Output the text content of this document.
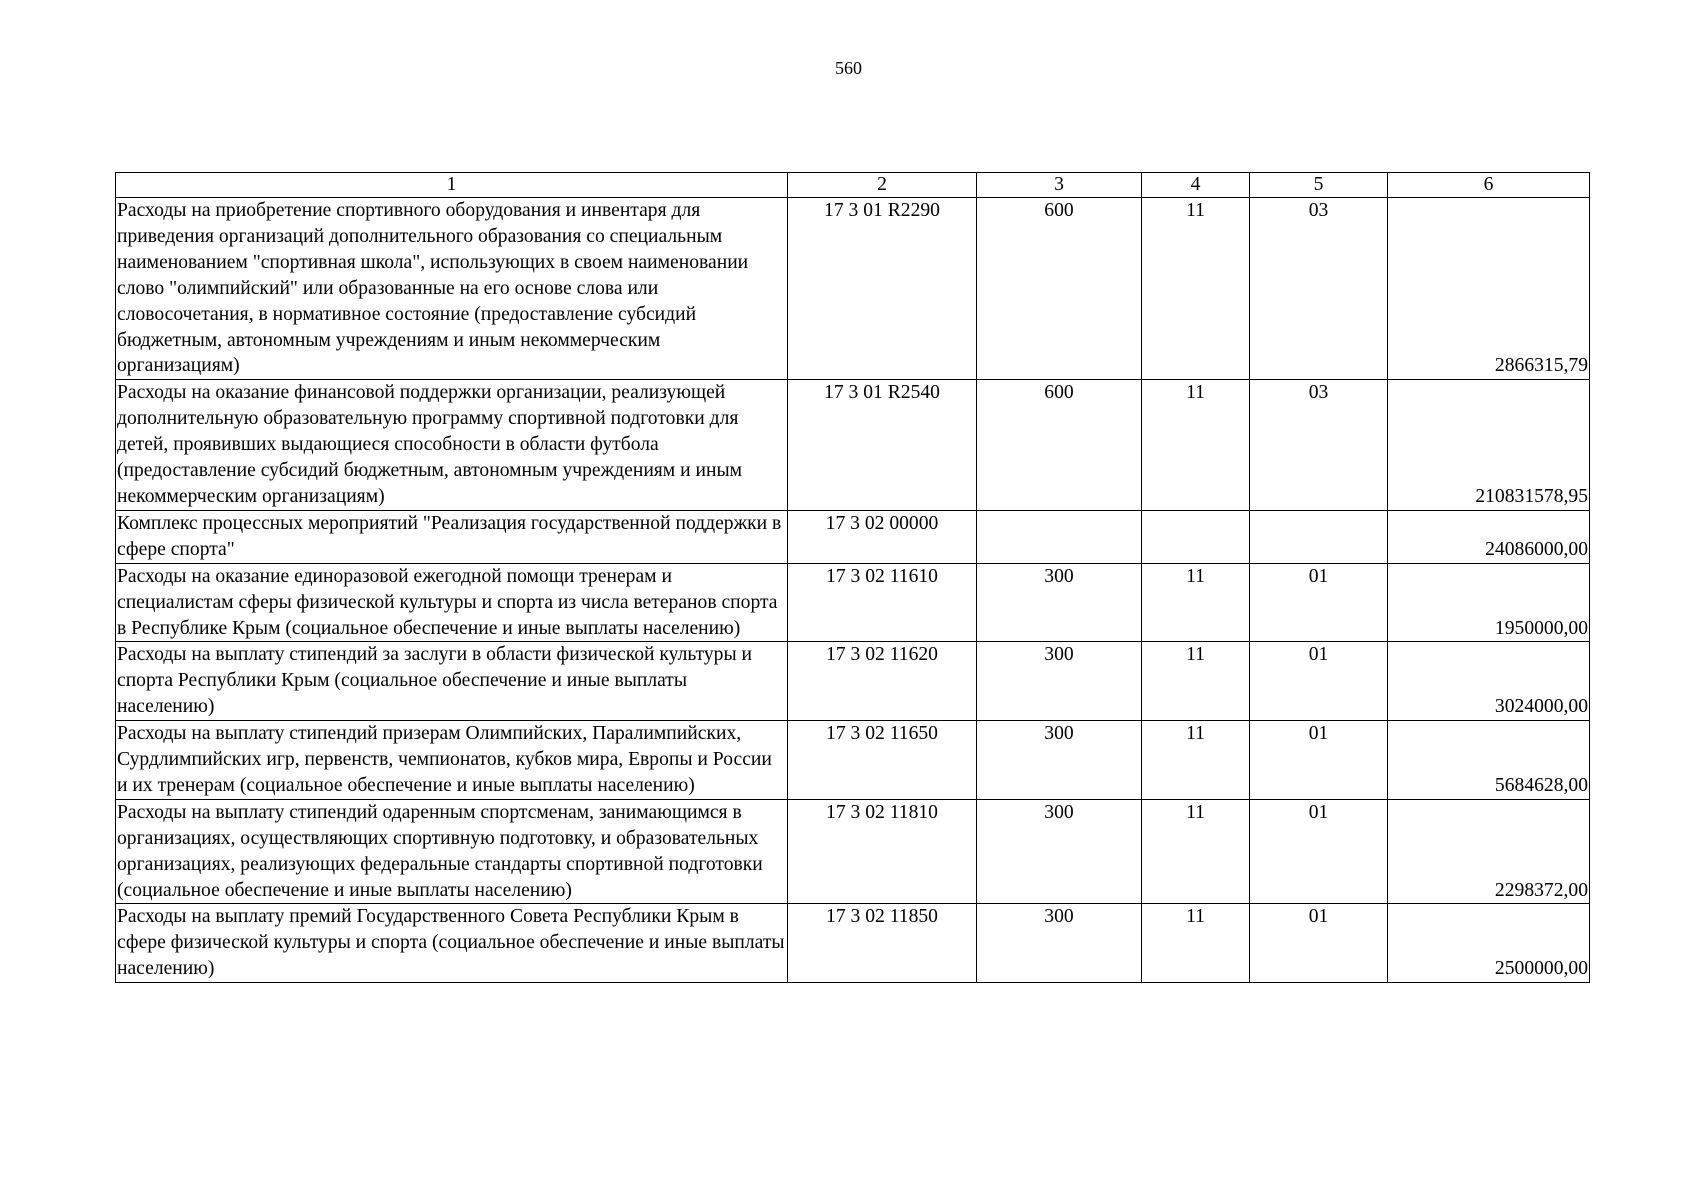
560
1	2	3	4	5	6
Расходы на приобретение спортивного оборудования и инвентаря для приведения организаций дополнительного образования со специальным наименованием "спортивная школа", использующих в своем наименовании слово "олимпийский" или образованные на его основе слова или словосочетания, в нормативное состояние (предоставление субсидий бюджетным, автономным учреждениям и иным некоммерческим организациям)	17 3 01 R2290	600	11	03	2866315,79
Расходы на оказание финансовой поддержки организации, реализующей дополнительную образовательную программу спортивной подготовки для детей, проявивших выдающиеся способности в области футбола (предоставление субсидий бюджетным, автономным учреждениям и иным некоммерческим организациям)	17 3 01 R2540	600	11	03	210831578,95
Комплекс процессных мероприятий "Реализация государственной поддержки в сфере спорта"	17 3 02 00000				24086000,00
Расходы на оказание единоразовой ежегодной помощи тренерам и специалистам сферы физической культуры и спорта из числа ветеранов спорта в Республике Крым (социальное обеспечение и иные выплаты населению)	17 3 02 11610	300	11	01	1950000,00
Расходы на выплату стипендий за заслуги в области физической культуры и спорта Республики Крым (социальное обеспечение и иные выплаты населению)	17 3 02 11620	300	11	01	3024000,00
Расходы на выплату стипендий призерам Олимпийских, Паралимпийских, Сурдлимпийских игр, первенств, чемпионатов, кубков мира, Европы и России и их тренерам (социальное обеспечение и иные выплаты населению)	17 3 02 11650	300	11	01	5684628,00
Расходы на выплату стипендий одаренным спортсменам, занимающимся в организациях, осуществляющих спортивную подготовку, и образовательных организациях, реализующих федеральные стандарты спортивной подготовки (социальное обеспечение и иные выплаты населению)	17 3 02 11810	300	11	01	2298372,00
Расходы на выплату премий Государственного Совета Республики Крым в сфере физической культуры и спорта (социальное обеспечение и иные выплаты населению)	17 3 02 11850	300	11	01	2500000,00
